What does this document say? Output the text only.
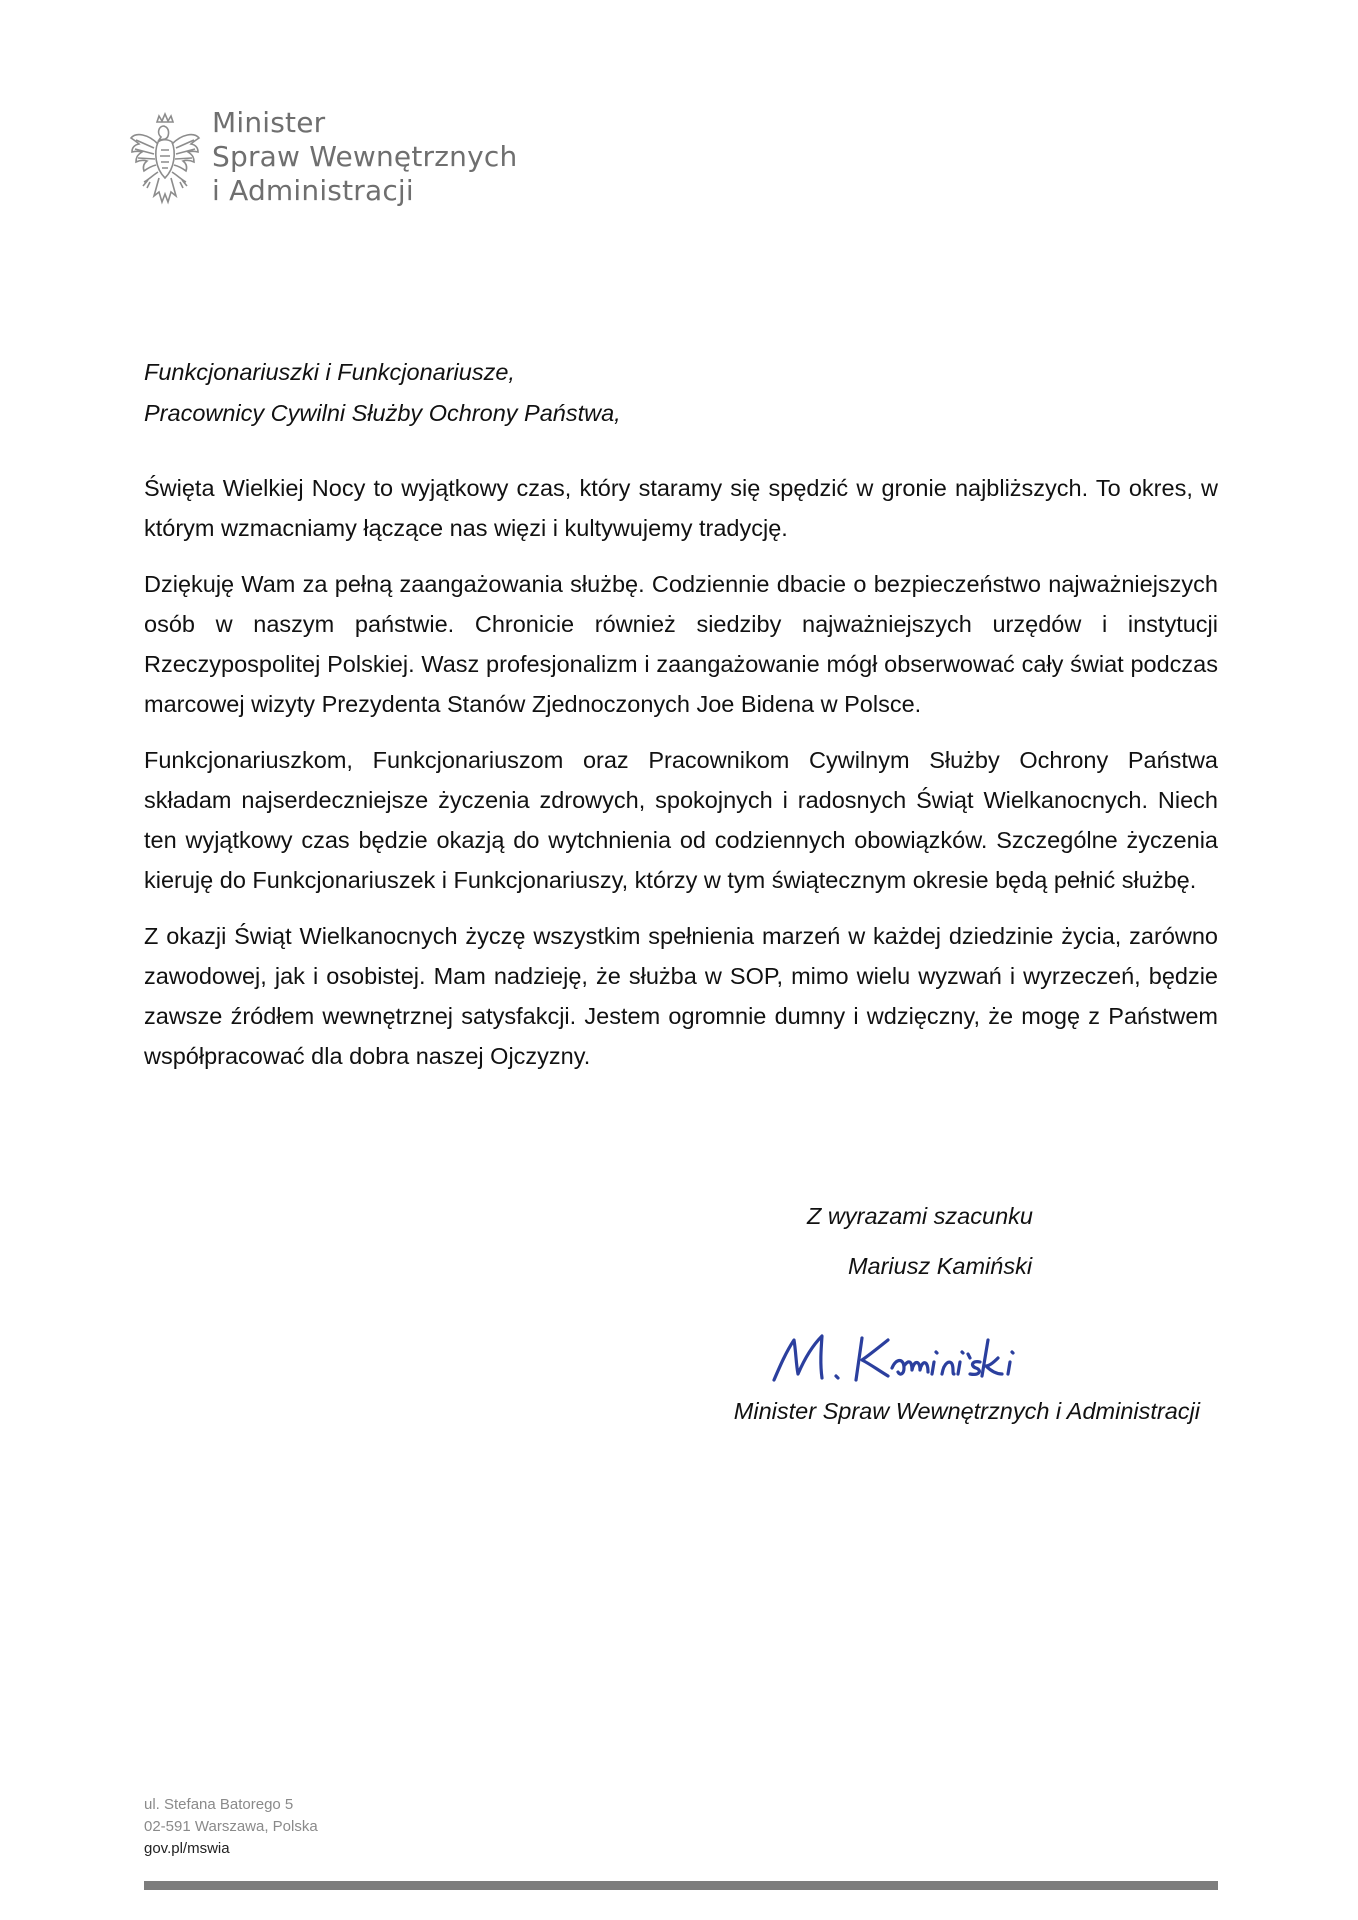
Minister
Spraw Wewnętrznych
i Administracji
Funkcjonariuszki i Funkcjonariusze,
Pracownicy Cywilni Służby Ochrony Państwa,

Święta Wielkiej Nocy to wyjątkowy czas, który staramy się spędzić w gronie najbliższych. To okres, w którym wzmacniamy łączące nas więzi i kultywujemy tradycję.

Dziękuję Wam za pełną zaangażowania służbę. Codziennie dbacie o bezpieczeństwo najważniejszych osób w naszym państwie. Chronicie również siedziby najważniejszych urzędów i instytucji Rzeczypospolitej Polskiej. Wasz profesjonalizm i zaangażowanie mógł obserwować cały świat podczas marcowej wizyty Prezydenta Stanów Zjednoczonych Joe Bidena w Polsce.

Funkcjonariuszkom, Funkcjonariuszom oraz Pracownikom Cywilnym Służby Ochrony Państwa składam najserdeczniejsze życzenia zdrowych, spokojnych i radosnych Świąt Wielkanocnych. Niech ten wyjątkowy czas będzie okazją do wytchnienia od codziennych obowiązków. Szczególne życzenia kieruję do Funkcjonariuszek i Funkcjonariuszy, którzy w tym świątecznym okresie będą pełnić służbę.

Z okazji Świąt Wielkanocnych życzę wszystkim spełnienia marzeń w każdej dziedzinie życia, zarówno zawodowej, jak i osobistej. Mam nadzieję, że służba w SOP, mimo wielu wyzwań i wyrzeczeń, będzie zawsze źródłem wewnętrznej satysfakcji. Jestem ogromnie dumny i wdzięczny, że mogę z Państwem współpracować dla dobra naszej Ojczyzny.

Z wyrazami szacunku
Mariusz Kamiński
Minister Spraw Wewnętrznych i Administracji
ul. Stefana Batorego 5
02-591 Warszawa, Polska
gov.pl/mswia
